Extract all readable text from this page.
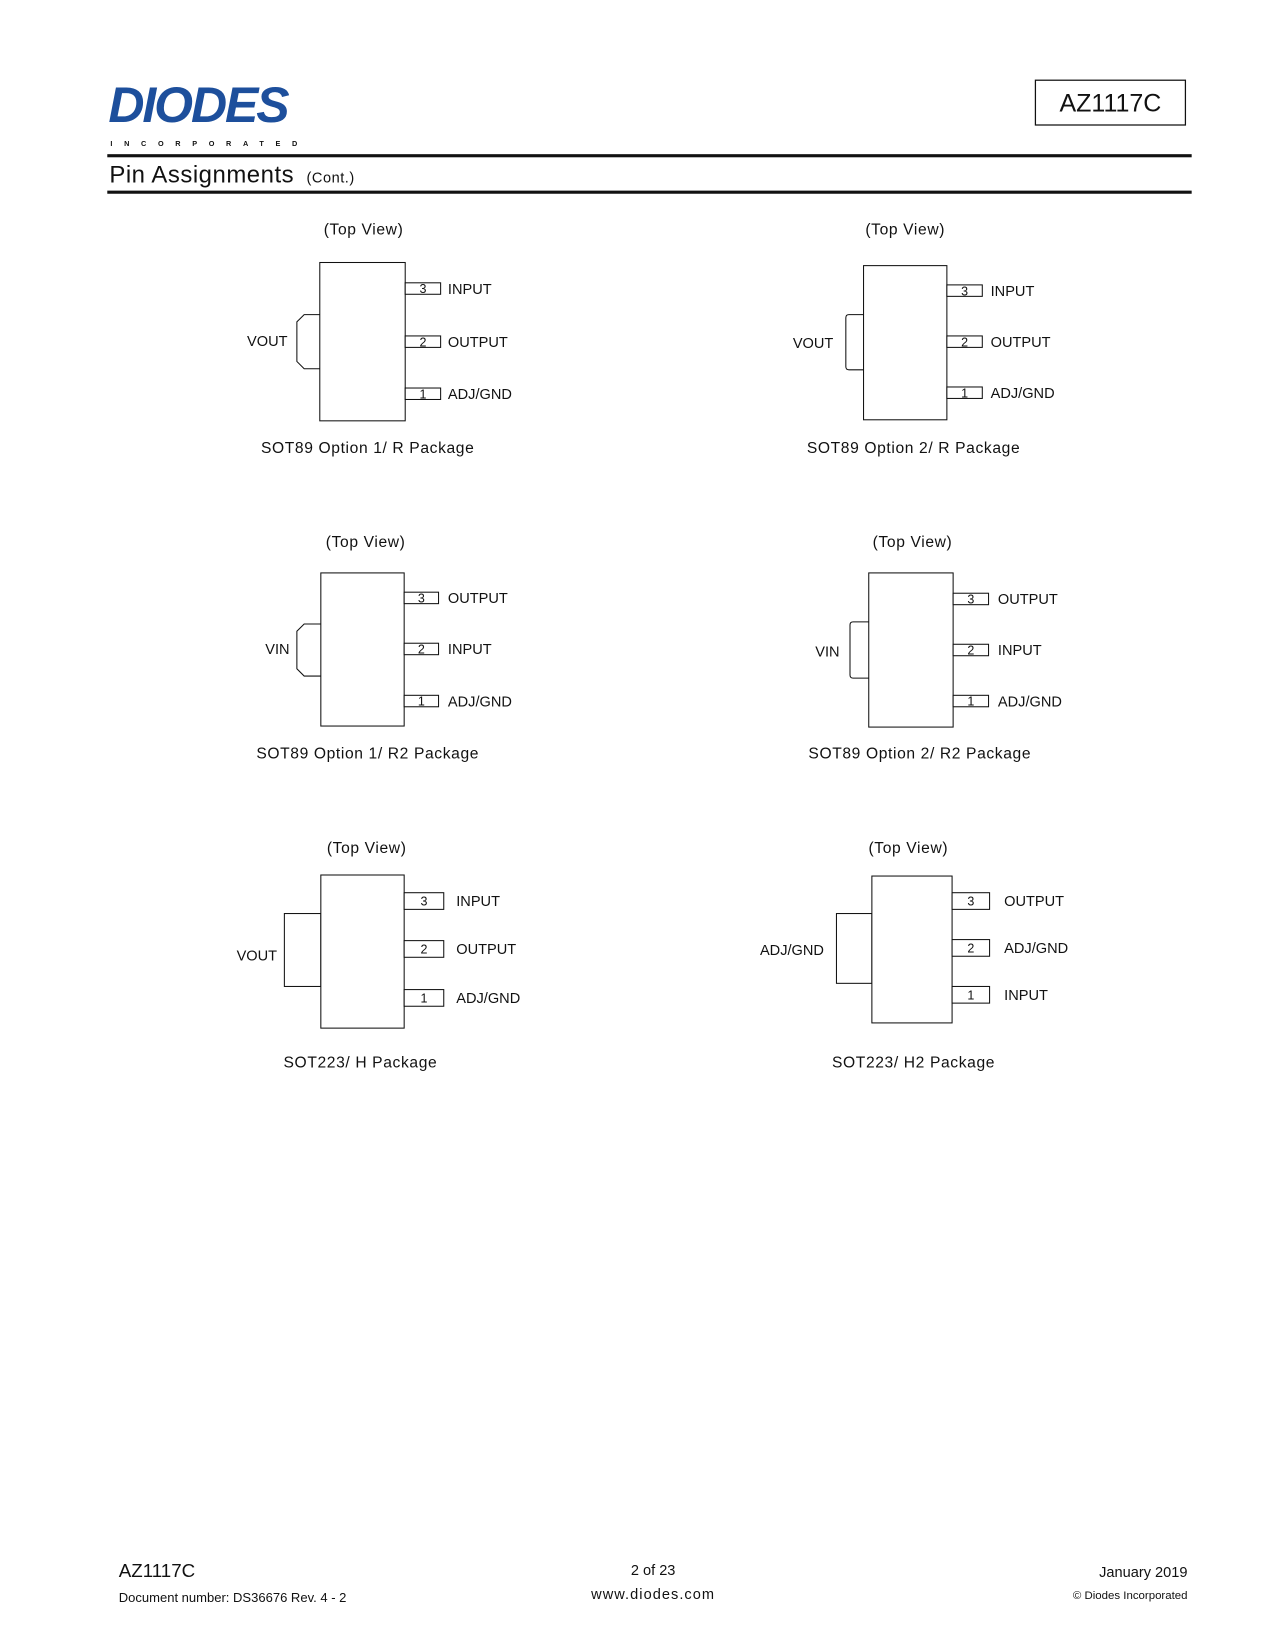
DIODES
INCORPORATED
AZ1117C
Pin Assignments (Cont.)
(Top View)
3 INPUT
2 OUTPUT
1 ADJ/GND
VOUT
SOT89 Option 1/ R Package
(Top View)
3 INPUT
2 OUTPUT
1 ADJ/GND
VOUT
SOT89 Option 2/ R Package
(Top View)
3 OUTPUT
2 INPUT
1 ADJ/GND
VIN
SOT89 Option 1/ R2 Package
(Top View)
3 OUTPUT
2 INPUT
1 ADJ/GND
VIN
SOT89 Option 2/ R2 Package
(Top View)
3 INPUT
2 OUTPUT
1 ADJ/GND
VOUT
SOT223/ H Package
(Top View)
3 OUTPUT
2 ADJ/GND
1 INPUT
ADJ/GND
SOT223/ H2 Package
AZ1117C
Document number: DS36676 Rev. 4 - 2
2 of 23
www.diodes.com
January 2019
© Diodes Incorporated
